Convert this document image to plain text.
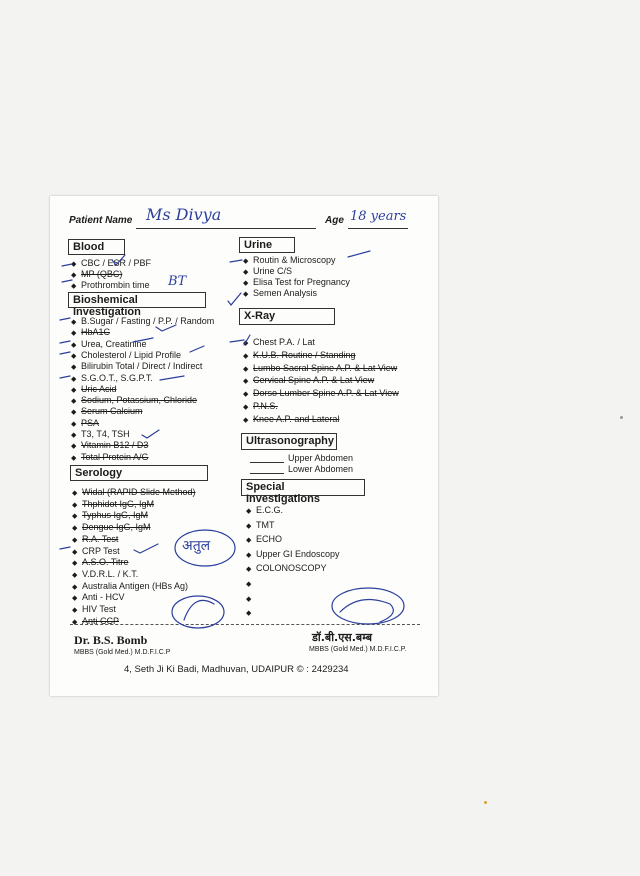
Patient Name Ms Divya	Age 18 years
Blood
◆ CBC / ESR / PBF
◆ MP (QBC)
◆ Prothrombin time BT
Bioshemical Investigation
◆ B.Sugar / Fasting / P.P. / Random
◆ HbA1C
◆ Urea, Creatinine
◆ Cholesterol / Lipid Profile
◆ Bilirubin Total / Direct / Indirect
◆ S.G.O.T., S.G.P.T.
◆ Uric Acid
◆ Sodium, Potassium, Chloride
◆ Serum Calcium
◆ PSA
◆ T3, T4, TSH
◆ Vitamin B12 / D3
◆ Total Protein A/G
Serology
◆ Widal (RAPID Slide Method)
◆ Thphidot IgG, IgM
◆ Typhus IgG, IgM
◆ Dengue IgG, IgM
◆ R.A. Test
◆ CRP Test
◆ A.S.O. Titre
◆ V.D.R.L. / K.T.
◆ Australia Antigen (HBs Ag)
◆ Anti - HCV
◆ HIV Test
◆ Anti CCP
Urine
◆ Routin & Microscopy
◆ Urine C/S
◆ Elisa Test for Pregnancy
◆ Semen Analysis
X-Ray
◆ Chest P.A. / Lat
◆ K.U.B. Routine / Standing
◆ Lumbo Sacral Spine A.P. & Lat View
◆ Cervical Spine A.P. & Lat View
◆ Dorso Lumber Spine A.P. & Lat View
◆ P.N.S.
◆ Knee A.P. and Lateral
Ultrasonography
Upper Abdomen
Lower Abdomen
Special Investigations
◆ E.C.G.
◆ TMT
◆ ECHO
◆ Upper GI Endoscopy
◆ COLONOSCOPY
◆
◆
◆
Dr. B.S. Bomb
MBBS (Gold Med.) M.D.F.I.C.P
डॉ.बी.एस.बम्ब
MBBS (Gold Med.) M.D.F.I.C.P.
4, Seth Ji Ki Badi, Madhuvan, UDAIPUR © : 2429234
अतुल
